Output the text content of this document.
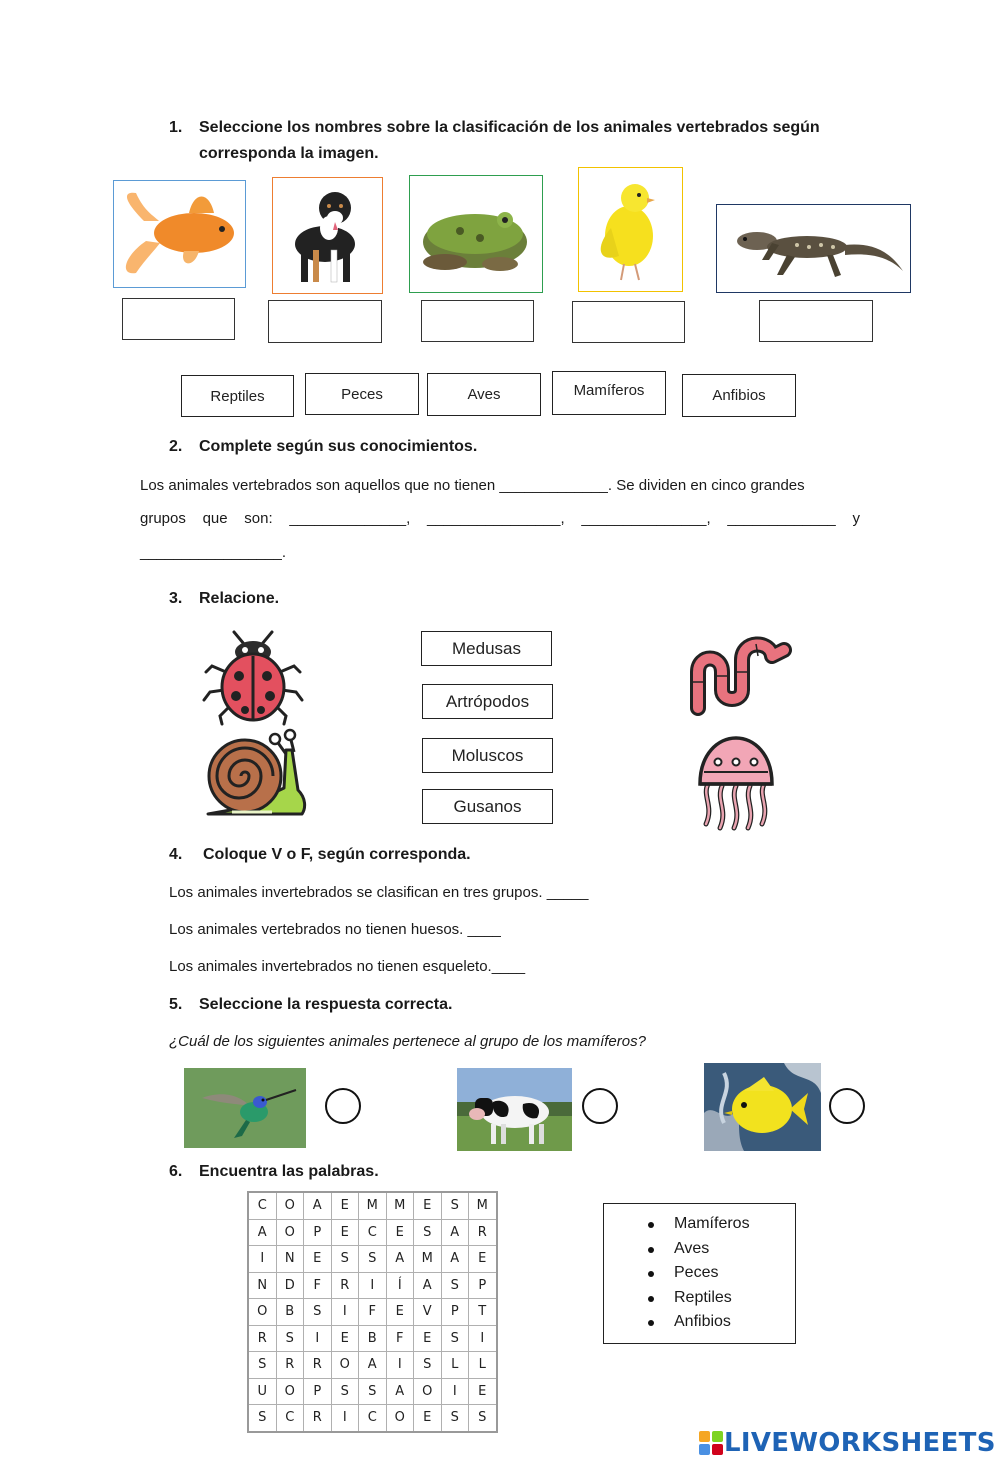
1. Seleccione los nombres sobre la clasificación de los animales vertebrados según
corresponda la imagen.
Reptiles	Peces	Aves	Mamíferos	Anfibios
2. Complete según sus conocimientos.
Los animales vertebrados son aquellos que no tienen _____________. Se dividen en cinco grandes
grupos que son: ______________, ________________, _______________, _____________ y
_________________.
3. Relacione.
Medusas
Artrópodos
Moluscos
Gusanos
4. Coloque V o F, según corresponda.
Los animales invertebrados se clasifican en tres grupos. _____
Los animales vertebrados no tienen huesos. ____
Los animales invertebrados no tienen esqueleto.____
5. Seleccione la respuesta correcta.
¿Cuál de los siguientes animales pertenece al grupo de los mamíferos?
6. Encuentra las palabras.
C	O	A	E	M	M	E	S	M
A	O	P	E	C	E	S	A	R
I	N	E	S	S	A	M	A	E
N	D	F	R	I	Í	A	S	P
O	B	S	I	F	E	V	P	T
R	S	I	E	B	F	E	S	I
S	R	R	O	A	I	S	L	L
U	O	P	S	S	A	O	I	E
S	C	R	I	C	O	E	S	S
Mamíferos
Aves
Peces
Reptiles
Anfibios
LIVEWORKSHEETS
